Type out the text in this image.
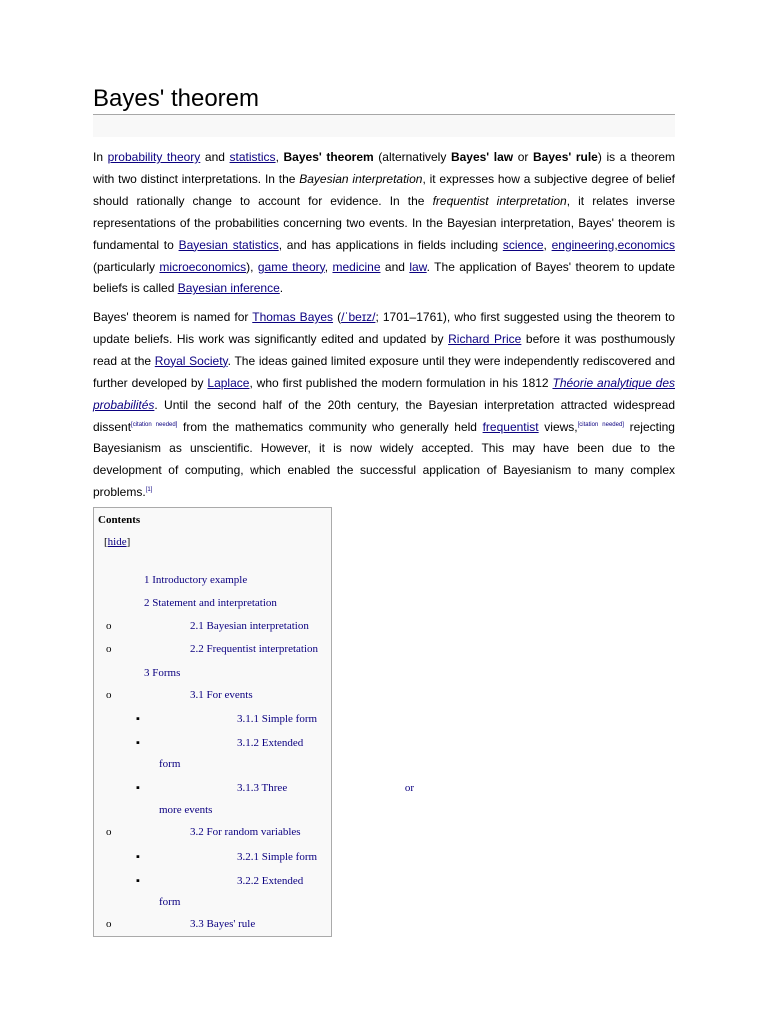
Bayes' theorem

In probability theory and statistics, Bayes' theorem (alternatively Bayes' law or Bayes' rule) is a theorem with two distinct interpretations. In the Bayesian interpretation, it expresses how a subjective degree of belief should rationally change to account for evidence. In the frequentist interpretation, it relates inverse representations of the probabilities concerning two events. In the Bayesian interpretation, Bayes' theorem is fundamental to Bayesian statistics, and has applications in fields including science, engineering,economics (particularly microeconomics), game theory, medicine and law. The application of Bayes' theorem to update beliefs is called Bayesian inference.

Bayes' theorem is named for Thomas Bayes (/ˈbeɪz/; 1701–1761), who first suggested using the theorem to update beliefs. His work was significantly edited and updated by Richard Price before it was posthumously read at the Royal Society. The ideas gained limited exposure until they were independently rediscovered and further developed by Laplace, who first published the modern formulation in his 1812 Théorie analytique des probabilités. Until the second half of the 20th century, the Bayesian interpretation attracted widespread dissent[citation needed] from the mathematics community who generally held frequentist views,[citation needed] rejecting Bayesianism as unscientific. However, it is now widely accepted. This may have been due to the development of computing, which enabled the successful application of Bayesianism to many complex problems.[1]

Contents
[hide]
1 Introductory example
2 Statement and interpretation
o	2.1 Bayesian interpretation
o	2.2 Frequentist interpretation
3 Forms
o	3.1 For events
▪	3.1.1 Simple form
▪	3.1.2 Extended
form
▪	3.1.3 Three	or
more events
o	3.2 For random variables
▪	3.2.1 Simple form
▪	3.2.2 Extended
form
o	3.3 Bayes' rule
